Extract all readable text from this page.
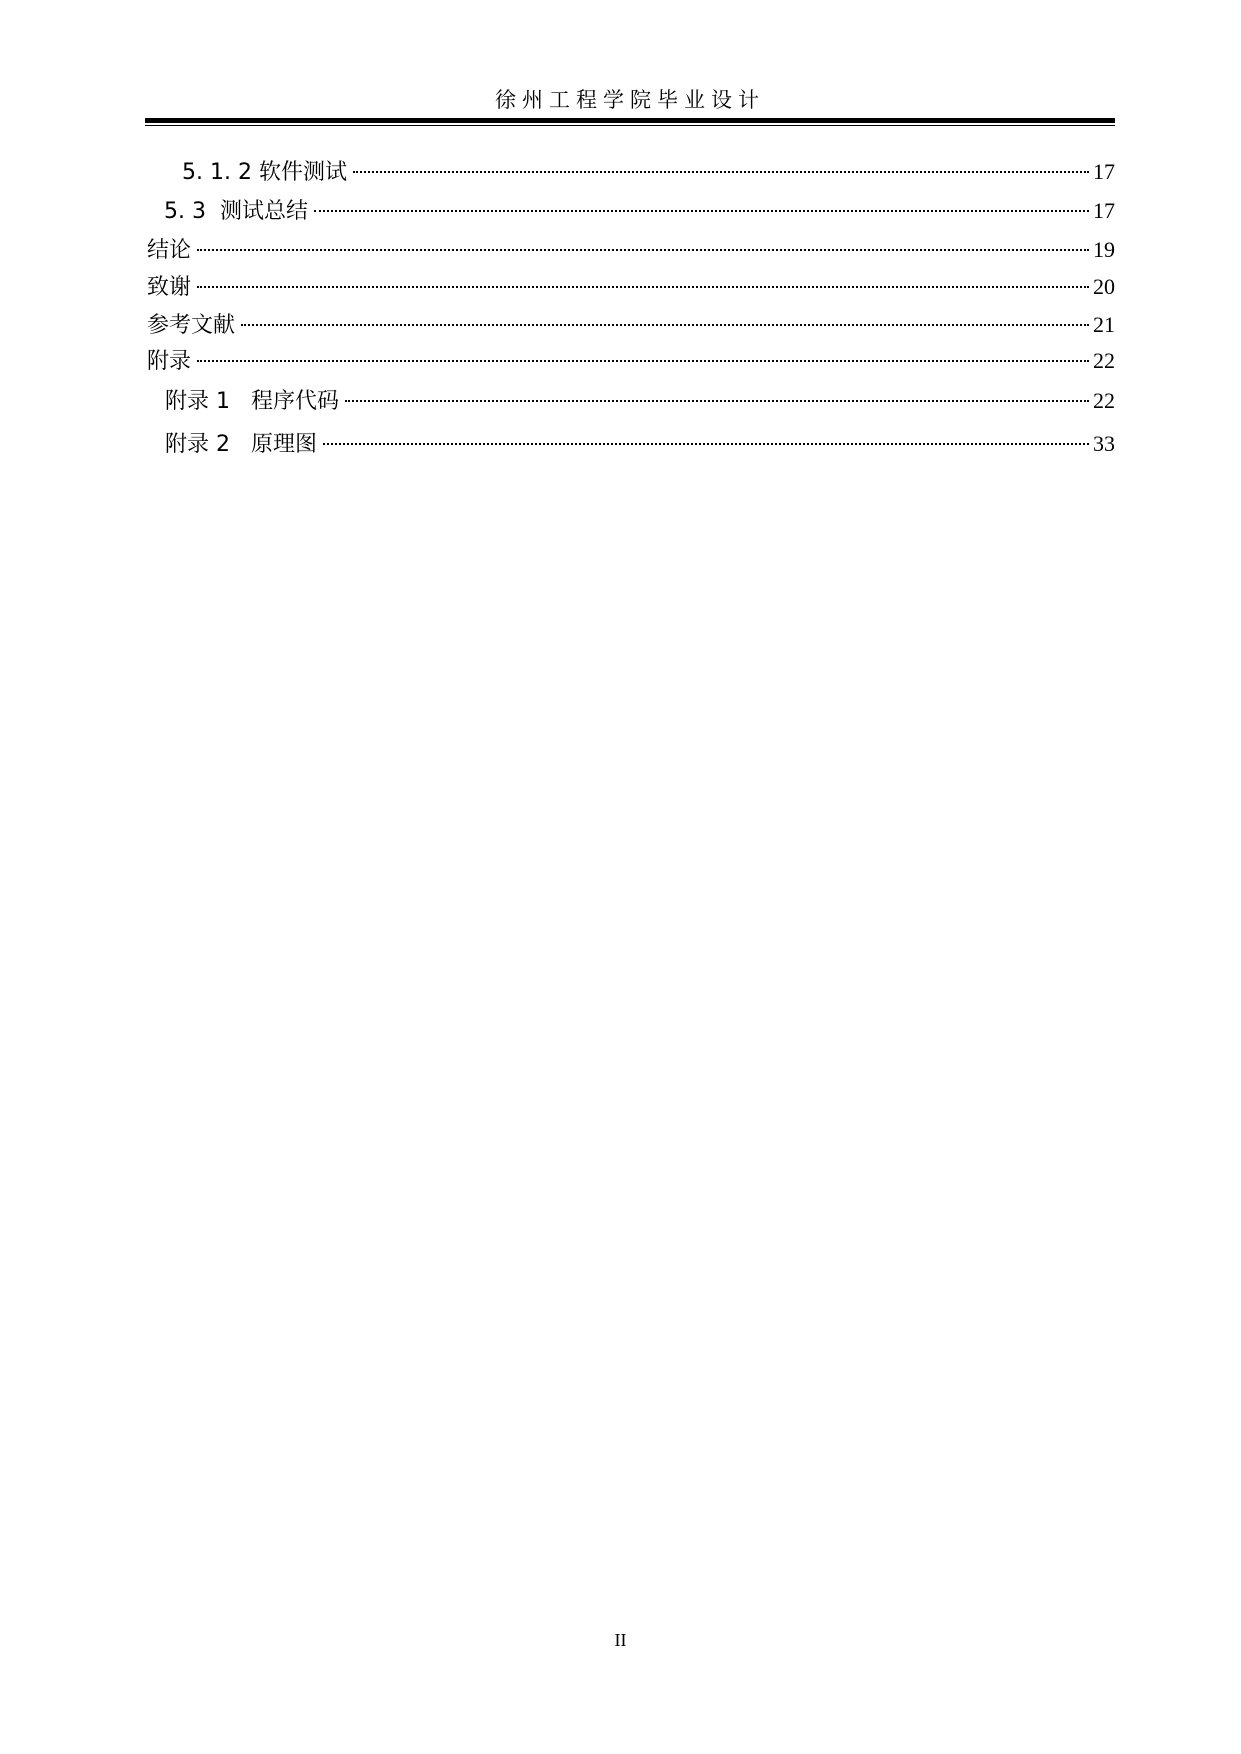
徐州工程学院毕业设计
5. 1. 2 软件测试	17
5. 3  测试总结	17
结论	19
致谢	20
参考文献	21
附录	22
附录 1   程序代码	22
附录 2   原理图	33
II
